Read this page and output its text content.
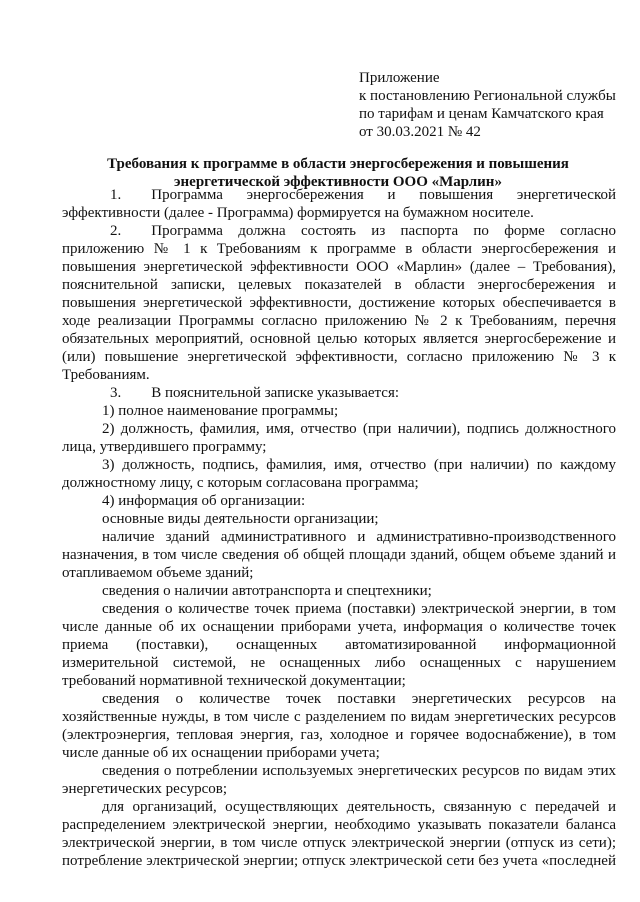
Приложение
к постановлению Региональной службы
по тарифам и ценам Камчатского края
от 30.03.2021 № 42
Требования к программе в области энергосбережения и повышения
энергетической эффективности ООО «Марлин»

1.  Программа энергосбережения и повышения энергетической эффективности (далее - Программа) формируется на бумажном носителе.

2.  Программа должна состоять из паспорта по форме согласно приложению № 1 к Требованиям к программе в области энергосбережения и повышения энергетической эффективности ООО «Марлин» (далее – Требования), пояснительной записки, целевых показателей в области энергосбережения и повышения энергетической эффективности, достижение которых обеспечивается в ходе реализации Программы согласно приложению № 2 к Требованиям, перечня обязательных мероприятий, основной целью которых является энергосбережение и (или) повышение энергетической эффективности, согласно приложению № 3 к Требованиям.

3.  В пояснительной записке указывается:

1) полное наименование программы;

2) должность, фамилия, имя, отчество (при наличии), подпись должностного лица, утвердившего программу;

3) должность, подпись, фамилия, имя, отчество (при наличии) по каждому должностному лицу, с которым согласована программа;

4) информация об организации:

основные виды деятельности организации;

наличие зданий административного и административно-производственного назначения, в том числе сведения об общей площади зданий, общем объеме зданий и отапливаемом объеме зданий;

сведения о наличии автотранспорта и спецтехники;

сведения о количестве точек приема (поставки) электрической энергии, в том числе данные об их оснащении приборами учета, информация о количестве точек приема (поставки), оснащенных автоматизированной информационной измерительной системой, не оснащенных либо оснащенных с нарушением требований нормативной технической документации;

сведения о количестве точек поставки энергетических ресурсов на хозяйственные нужды, в том числе с разделением по видам энергетических ресурсов (электроэнергия, тепловая энергия, газ, холодное и горячее водоснабжение), в том числе данные об их оснащении приборами учета;

сведения о потреблении используемых энергетических ресурсов по видам этих энергетических ресурсов;

для организаций, осуществляющих деятельность, связанную с передачей и распределением электрической энергии, необходимо указывать показатели баланса электрической энергии, в том числе отпуск электрической энергии (отпуск из сети); потребление электрической энергии; отпуск электрической сети без учета «последней
